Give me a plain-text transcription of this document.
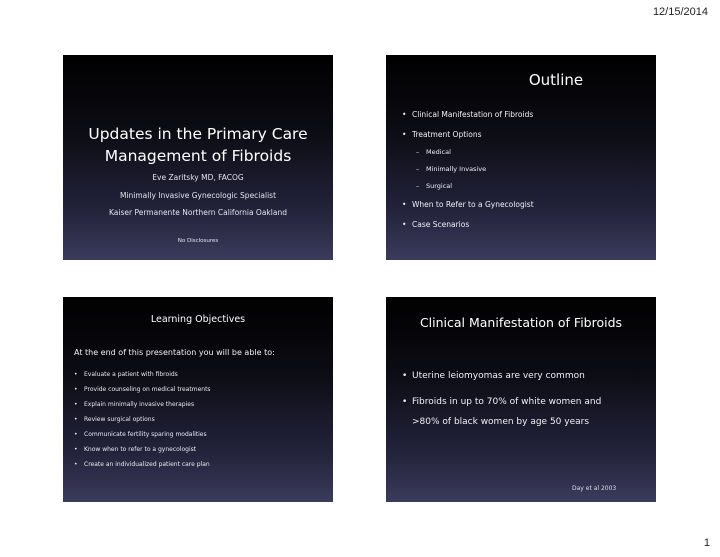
12/15/2014
Updates in the Primary Care
Management of Fibroids
Eve Zaritsky MD, FACOG
Minimally Invasive Gynecologic Specialist
Kaiser Permanente Northern California Oakland
No Disclosures
Outline
• Clinical Manifestation of Fibroids
• Treatment Options
– Medical
– Minimally Invasive
– Surgical
• When to Refer to a Gynecologist
• Case Scenarios
Learning Objectives
At the end of this presentation you will be able to:
• Evaluate a patient with fibroids
• Provide counseling on medical treatments
• Explain minimally invasive therapies
• Review surgical options
• Communicate fertility sparing modalities
• Know when to refer to a gynecologist
• Create an individualized patient care plan
Clinical Manifestation of Fibroids
• Uterine leiomyomas are very common
• Fibroids in up to 70% of white women and
>80% of black women by age 50 years
Day et al 2003
1
